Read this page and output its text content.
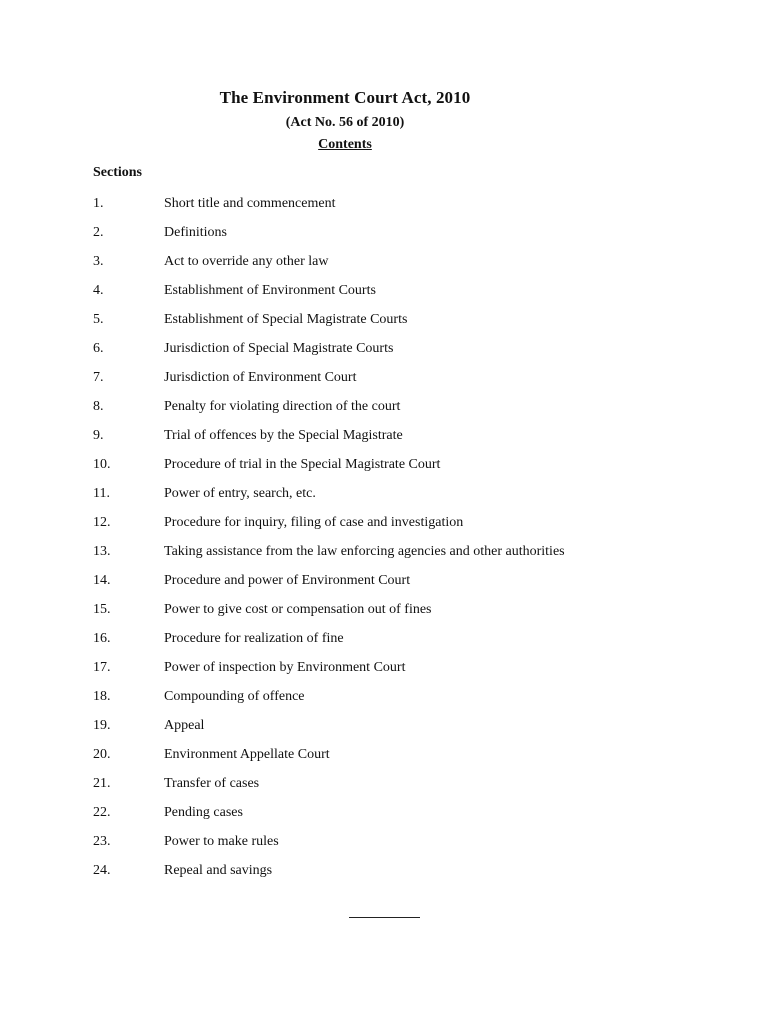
The Environment Court Act, 2010
(Act No. 56 of 2010)
Contents
Sections
1.	Short title and commencement
2.	Definitions
3.	Act to override any other law
4.	Establishment of Environment Courts
5.	Establishment of Special Magistrate Courts
6.	Jurisdiction of Special Magistrate Courts
7.	Jurisdiction of Environment Court
8.	Penalty for violating direction of the court
9.	Trial of offences by the Special Magistrate
10.	Procedure of trial in the Special Magistrate Court
11.	Power of entry, search, etc.
12.	Procedure for inquiry, filing of case and investigation
13.	Taking assistance from the law enforcing agencies and other authorities
14.	Procedure and power of Environment Court
15.	Power to give cost or compensation out of fines
16.	Procedure for realization of fine
17.	Power of inspection by Environment Court
18.	Compounding of offence
19.	Appeal
20.	Environment Appellate Court
21.	Transfer of cases
22.	Pending cases
23.	Power to make rules
24.	Repeal and savings
